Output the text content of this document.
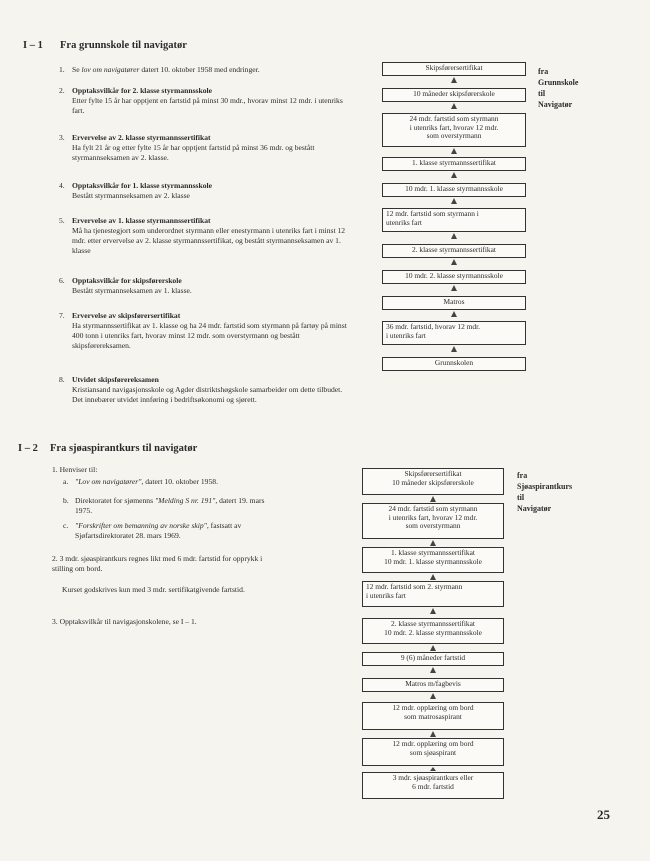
I – 1 Fra grunnskole til navigatør
1. Se lov om navigatører datert 10. oktober 1958 med endringer.
2. Opptaksvilkår for 2. klasse styrmannsskole
Etter fylte 15 år har opptjent en fartstid på minst 30 mdr., hvorav minst 12 mdr. i utenriks fart.
3. Ervervelse av 2. klasse styrmannssertifikat
Ha fylt 21 år og etter fylte 15 år har opptjent fartstid på minst 36 mdr. og bestått styrmannseksamen av 2. klasse.
4. Opptaksvilkår for 1. klasse styrmannsskole
Bestått styrmannseksamen av 2. klasse
5. Ervervelse av 1. klasse styrmannssertifikat
Må ha tjenestegjort som underordnet styrmann eller enestyrmann i utenriks fart i minst 12 mdr. etter ervervelse av 2. klasse styrmannssertifikat, og bestått styrmannseksamen av 1. klasse
6. Opptaksvilkår for skipsførerskole
Bestått styrmannseksamen av 1. klasse.
7. Ervervelse av skipsførersertifikat
Ha styrmannssertifikat av 1. klasse og ha 24 mdr. fartstid som styrmann på fartøy på minst 400 tonn i utenriks fart, hvorav minst 12 mdr. som overstyrmann og bestått skipsførereksamen.
8. Utvidet skipsførereksamen
Kristiansand navigasjonsskole og Agder distriktshøgskole samarbeider om dette tilbudet. Det innebærer utvidet innføring i bedriftsøkonomi og sjørett.
Skipsførersertifikat
10 måneder skipsførerskole
24 mdr. fartstid som styrmann
i utenriks fart, hvorav 12 mdr.
som overstyrmann
1. klasse styrmannssertifikat
10 mdr. 1. klasse styrmannsskole
12 mdr. fartstid som styrmann i
utenriks fart
2. klasse styrmannssertifikat
10 mdr. 2. klasse styrmannsskole
Matros
36 mdr. fartstid, hvorav 12 mdr.
i utenriks fart
Grunnskolen
fra
Grunnskole
til
Navigatør
I – 2 Fra sjøaspirantkurs til navigatør
1. Henviser til:
a. "Lov om navigatører", datert 10. oktober 1958.
b. Direktoratet for sjømenns "Melding S nr. 191", datert 19. mars 1975.
c. "Forskrifter om bemanning av norske skip", fastsatt av Sjøfartsdirektoratet 28. mars 1969.
2. 3 mdr. sjøaspirantkurs regnes likt med 6 mdr. fartstid for opprykk i stilling om bord.
Kurset godskrives kun med 3 mdr. sertifikatgivende fartstid.
3. Opptaksvilkår til navigasjonskolene, se I – 1.
Skipsførersertifikat
10 måneder skipsførerskole
24 mdr. fartstid som styrmann
i utenriks fart, hvorav 12 mdr.
som overstyrmann
1. klasse styrmannssertifikat
10 mdr. 1. klasse styrmannsskole
12 mdr. fartstid som 2. styrmann
i utenriks fart
2. klasse styrmannssertifikat
10 mdr. 2. klasse styrmannsskole
9 (6) måneder fartstid
Matros m/fagbevis
12 mdr. opplæring om bord
som matrosaspirant
12 mdr. opplæring om bord
som sjøaspirant
3 mdr. sjøaspirantkurs eller
6 mdr. fartstid
fra
Sjøaspirantkurs
til
Navigatør
25
